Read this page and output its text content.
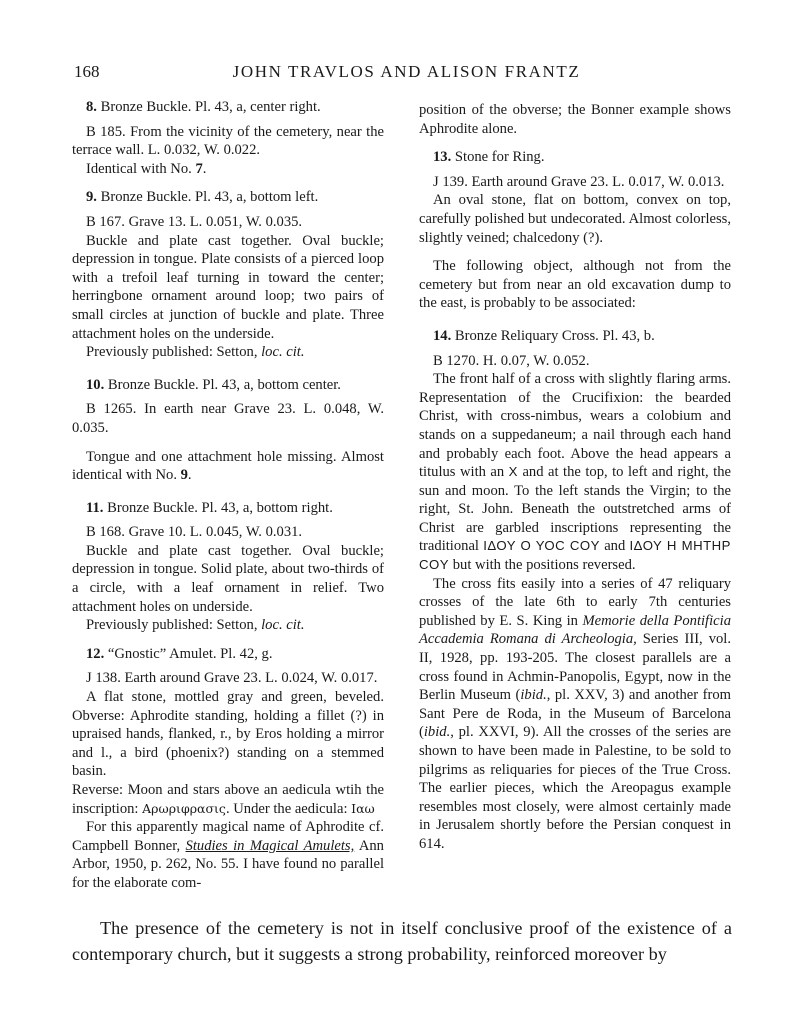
168	JOHN TRAVLOS AND ALISON FRANTZ

8. Bronze Buckle. Pl. 43, a, center right.

B 185. From the vicinity of the cemetery, near the terrace wall. L. 0.032, W. 0.022.

Identical with No. 7.

9. Bronze Buckle. Pl. 43, a, bottom left.

B 167. Grave 13. L. 0.051, W. 0.035.

Buckle and plate cast together. Oval buckle; depression in tongue. Plate consists of a pierced loop with a trefoil leaf turning in toward the center; herringbone ornament around loop; two pairs of small circles at junction of buckle and plate. Three attachment holes on the underside.

Previously published: Setton, loc. cit.

10. Bronze Buckle. Pl. 43, a, bottom center.

B 1265. In earth near Grave 23. L. 0.048, W. 0.035.

Tongue and one attachment hole missing. Almost identical with No. 9.

11. Bronze Buckle. Pl. 43, a, bottom right.

B 168. Grave 10. L. 0.045, W. 0.031.

Buckle and plate cast together. Oval buckle; depression in tongue. Solid plate, about two-thirds of a circle, with a leaf ornament in relief. Two attachment holes on underside.

Previously published: Setton, loc. cit.

12. “Gnostic” Amulet. Pl. 42, g.

J 138. Earth around Grave 23. L. 0.024, W. 0.017.

A flat stone, mottled gray and green, beveled. Obverse: Aphrodite standing, holding a fillet (?) in upraised hands, flanked, r., by Eros holding a mirror and l., a bird (phoenix?) standing on a stemmed basin.

Reverse: Moon and stars above an aedicula wtih the inscription: Αρωριφρασις. Under the aedicula: Ιαω

For this apparently magical name of Aphrodite cf. Campbell Bonner, Studies in Magical Amulets, Ann Arbor, 1950, p. 262, No. 55. I have found no parallel for the elaborate com-

position of the obverse; the Bonner example shows Aphrodite alone.

13. Stone for Ring.

J 139. Earth around Grave 23. L. 0.017, W. 0.013.

An oval stone, flat on bottom, convex on top, carefully polished but undecorated. Almost colorless, slightly veined; chalcedony (?).

The following object, although not from the cemetery but from near an old excavation dump to the east, is probably to be associated:

14. Bronze Reliquary Cross. Pl. 43, b.

B 1270. H. 0.07, W. 0.052.

The front half of a cross with slightly flaring arms. Representation of the Crucifixion: the bearded Christ, with cross-nimbus, wears a colobium and stands on a suppedaneum; a nail through each hand and probably each foot. Above the head appears a titulus with an X and at the top, to left and right, the sun and moon. To the left stands the Virgin; to the right, St. John. Beneath the outstretched arms of Christ are garbled inscriptions representing the traditional ΙΔΟΥ Ο ΥΟC COY and ΙΔΟΥ Η ΜΗΤΗΡ COY but with the positions reversed.

The cross fits easily into a series of 47 reliquary crosses of the late 6th to early 7th centuries published by E. S. King in Memorie della Pontificia Accademia Romana di Archeologia, Series III, vol. II, 1928, pp. 193-205. The closest parallels are a cross found in Achmin-Panopolis, Egypt, now in the Berlin Museum (ibid., pl. XXV, 3) and another from Sant Pere de Roda, in the Museum of Barcelona (ibid., pl. XXVI, 9). All the crosses of the series are shown to have been made in Palestine, to be sold to pilgrims as reliquaries for pieces of the True Cross. The earlier pieces, which the Areopagus example resembles most closely, were almost certainly made in Jerusalem shortly before the Persian conquest in 614.

The presence of the cemetery is not in itself conclusive proof of the existence of a contemporary church, but it suggests a strong probability, reinforced moreover by
